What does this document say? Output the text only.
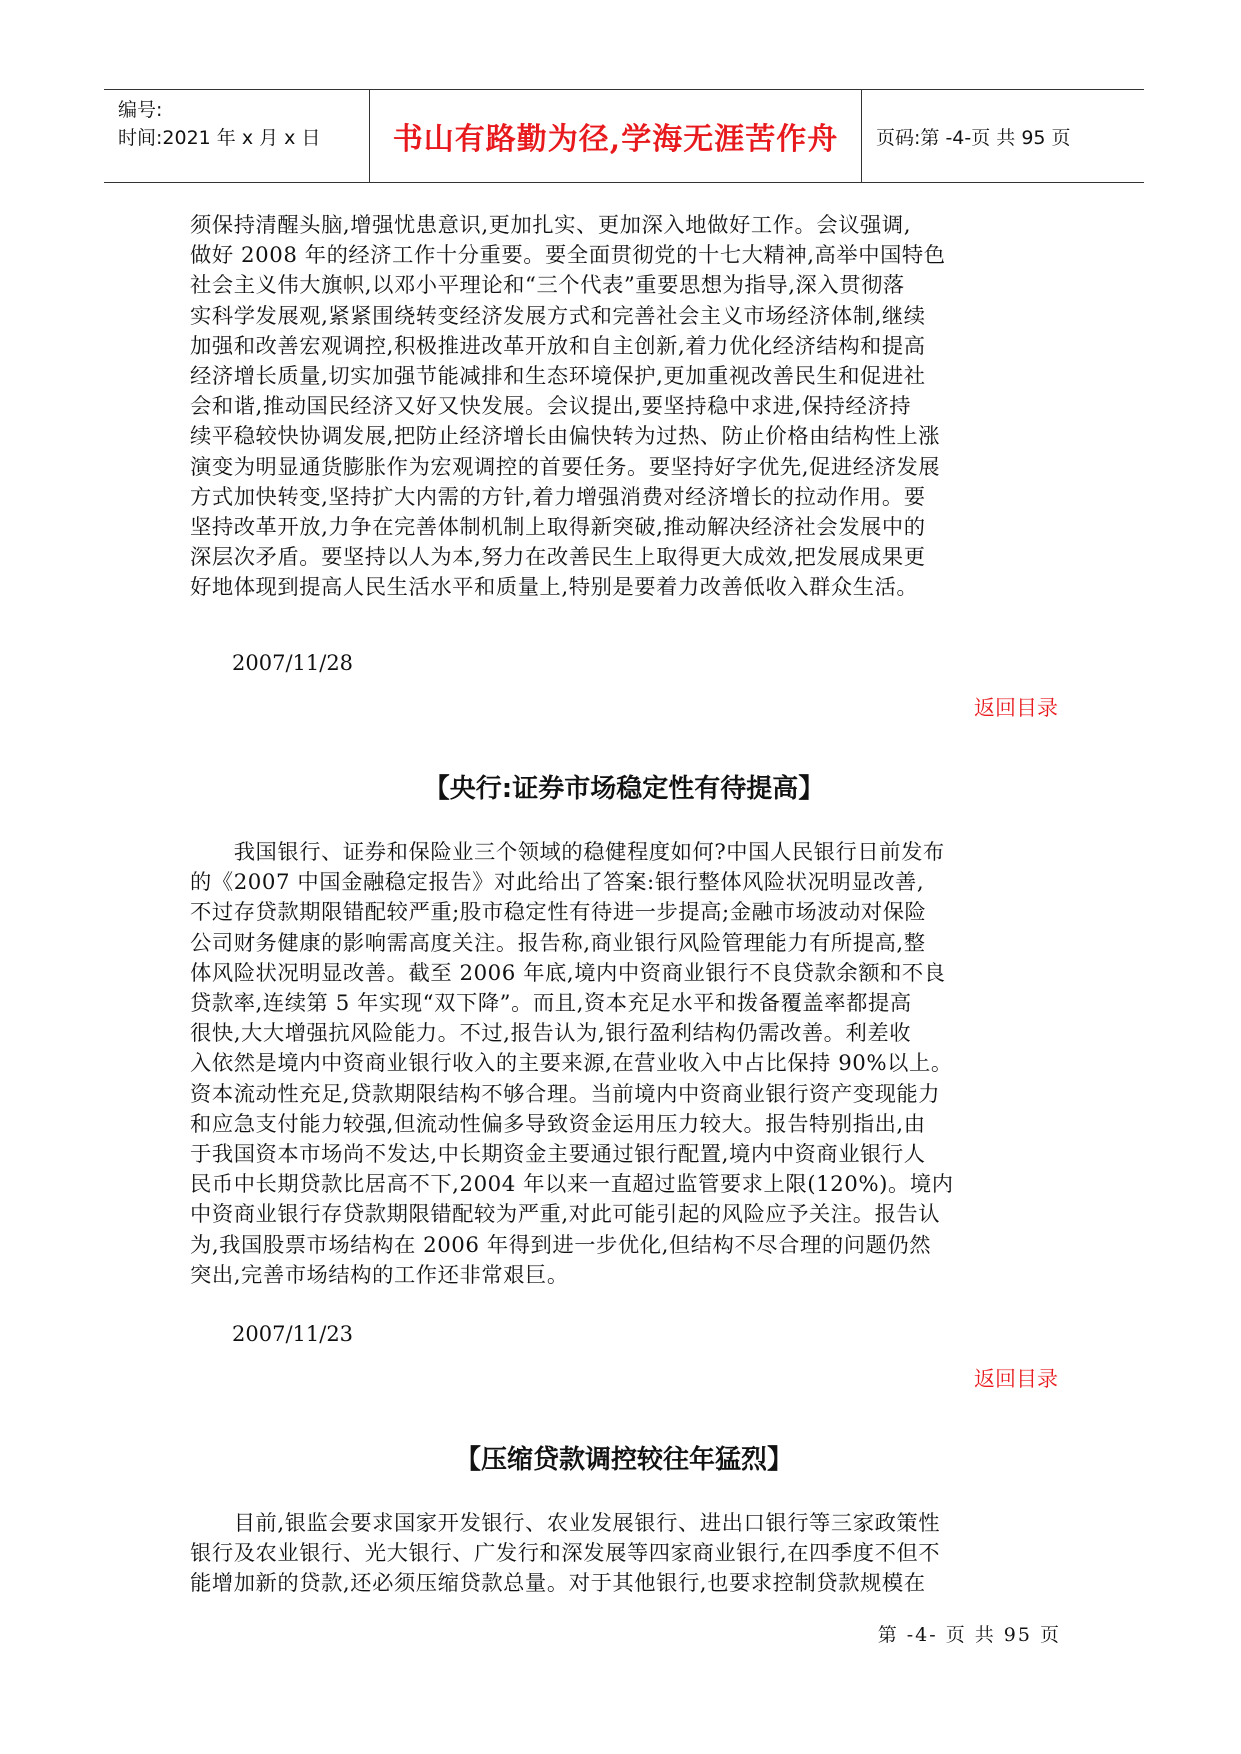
编号:
时间:2021 年 x 月 x 日	书山有路勤为径,学海无涯苦作舟	页码:第 -4-页 共 95 页
须保持清醒头脑,增强忧患意识,更加扎实、更加深入地做好工作。会议强调,
做好 2008 年的经济工作十分重要。要全面贯彻党的十七大精神,高举中国特色
社会主义伟大旗帜,以邓小平理论和“三个代表”重要思想为指导,深入贯彻落
实科学发展观,紧紧围绕转变经济发展方式和完善社会主义市场经济体制,继续
加强和改善宏观调控,积极推进改革开放和自主创新,着力优化经济结构和提高
经济增长质量,切实加强节能减排和生态环境保护,更加重视改善民生和促进社
会和谐,推动国民经济又好又快发展。会议提出,要坚持稳中求进,保持经济持
续平稳较快协调发展,把防止经济增长由偏快转为过热、防止价格由结构性上涨
演变为明显通货膨胀作为宏观调控的首要任务。要坚持好字优先,促进经济发展
方式加快转变,坚持扩大内需的方针,着力增强消费对经济增长的拉动作用。要
坚持改革开放,力争在完善体制机制上取得新突破,推动解决经济社会发展中的
深层次矛盾。要坚持以人为本,努力在改善民生上取得更大成效,把发展成果更
好地体现到提高人民生活水平和质量上,特别是要着力改善低收入群众生活。
2007/11/28
返回目录
【央行:证券市场稳定性有待提高】
　　我国银行、证券和保险业三个领域的稳健程度如何?中国人民银行日前发布
的《2007 中国金融稳定报告》对此给出了答案:银行整体风险状况明显改善,
不过存贷款期限错配较严重;股市稳定性有待进一步提高;金融市场波动对保险
公司财务健康的影响需高度关注。报告称,商业银行风险管理能力有所提高,整
体风险状况明显改善。截至 2006 年底,境内中资商业银行不良贷款余额和不良
贷款率,连续第 5 年实现“双下降”。而且,资本充足水平和拨备覆盖率都提高
很快,大大增强抗风险能力。不过,报告认为,银行盈利结构仍需改善。利差收
入依然是境内中资商业银行收入的主要来源,在营业收入中占比保持 90%以上。
资本流动性充足,贷款期限结构不够合理。当前境内中资商业银行资产变现能力
和应急支付能力较强,但流动性偏多导致资金运用压力较大。报告特别指出,由
于我国资本市场尚不发达,中长期资金主要通过银行配置,境内中资商业银行人
民币中长期贷款比居高不下,2004 年以来一直超过监管要求上限(120%)。境内
中资商业银行存贷款期限错配较为严重,对此可能引起的风险应予关注。报告认
为,我国股票市场结构在 2006 年得到进一步优化,但结构不尽合理的问题仍然
突出,完善市场结构的工作还非常艰巨。
2007/11/23
返回目录
【压缩贷款调控较往年猛烈】
　　目前,银监会要求国家开发银行、农业发展银行、进出口银行等三家政策性
银行及农业银行、光大银行、广发行和深发展等四家商业银行,在四季度不但不
能增加新的贷款,还必须压缩贷款总量。对于其他银行,也要求控制贷款规模在
第 -4- 页 共 95 页
